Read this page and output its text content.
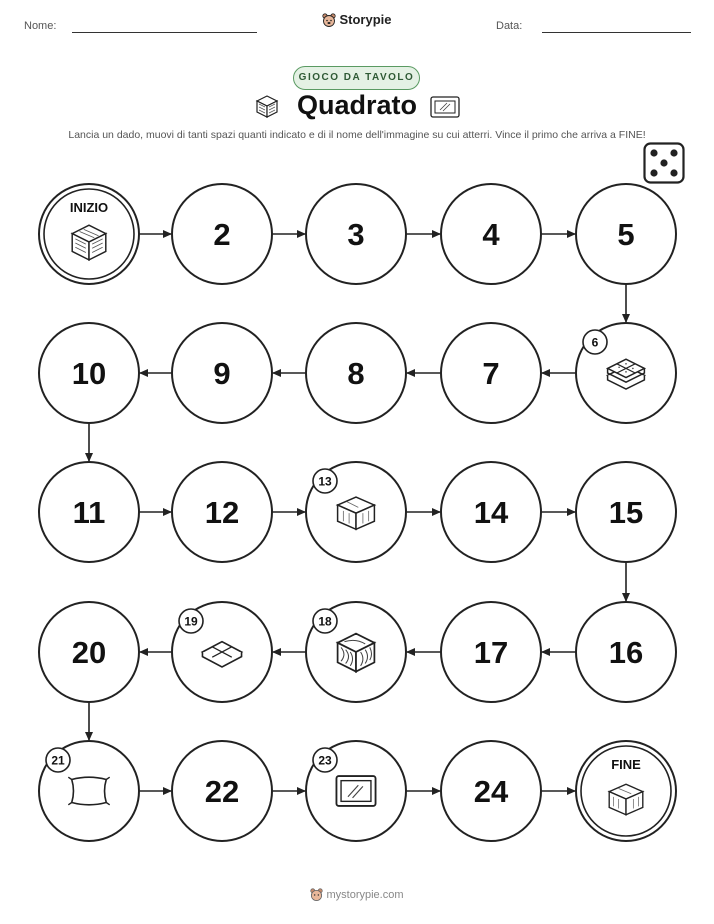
Nome:	Storypie	Data:
GIOCO DA TAVOLO
Quadrato
Lancia un dado, muovi di tanti spazi quanti indicato e di il nome dell'immagine su cui atterri. Vince il primo che arriva a FINE!
INIZIO
2	3	4	5
6
7
8
9
10
11	12
13
14	15
16
17
18
19
20
21
22
23
24
FINE
mystorypie.com
